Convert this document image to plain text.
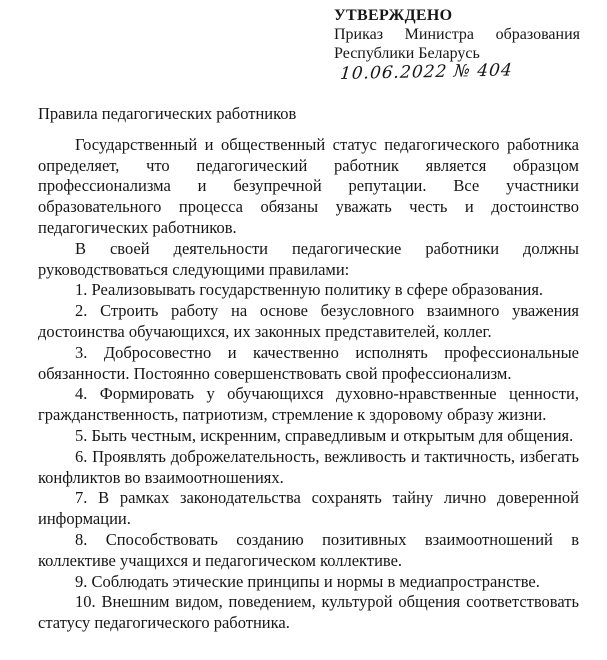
УТВЕРЖДЕНО

Приказ Министра образования Республики Беларусь

10.06.2022 № 404
Правила педагогических работников

Государственный и общественный статус педагогического работника определяет, что педагогический работник является образцом профессионализма и безупречной репутации. Все участники образовательного процесса обязаны уважать честь и достоинство педагогических работников.

В своей деятельности педагогические работники должны руководствоваться следующими правилами:

1. Реализовывать государственную политику в сфере образования.

2. Строить работу на основе безусловного взаимного уважения достоинства обучающихся, их законных представителей, коллег.

3. Добросовестно и качественно исполнять профессиональные обязанности. Постоянно совершенствовать свой профессионализм.

4. Формировать у обучающихся духовно-нравственные ценности, гражданственность, патриотизм, стремление к здоровому образу жизни.

5. Быть честным, искренним, справедливым и открытым для общения.

6. Проявлять доброжелательность, вежливость и тактичность, избегать конфликтов во взаимоотношениях.

7. В рамках законодательства сохранять тайну лично доверенной информации.

8. Способствовать созданию позитивных взаимоотношений в коллективе учащихся и педагогическом коллективе.

9. Соблюдать этические принципы и нормы в медиапространстве.

10. Внешним видом, поведением, культурой общения соответствовать статусу педагогического работника.
